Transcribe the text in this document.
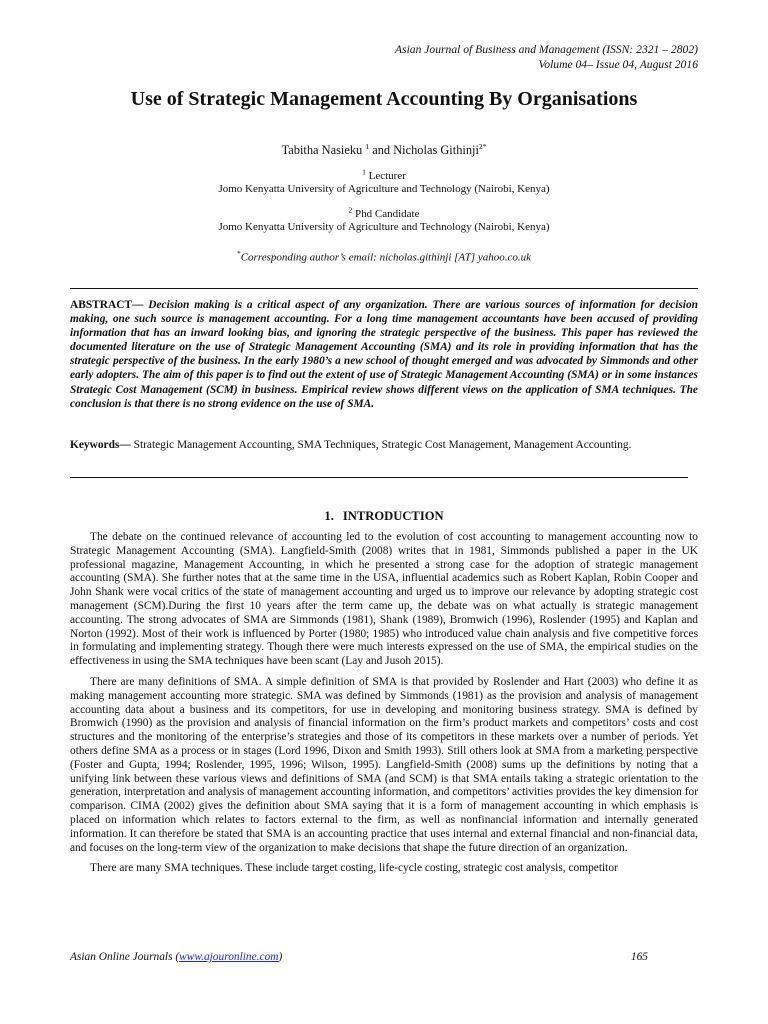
Asian Journal of Business and Management (ISSN: 2321 – 2802)
Volume 04– Issue 04, August 2016
Use of Strategic Management Accounting By Organisations
Tabitha Nasieku $^1$ and Nicholas Githinji$^{2*}$
$^1$ Lecturer
Jomo Kenyatta University of Agriculture and Technology (Nairobi, Kenya)
$^2$ Phd Candidate
Jomo Kenyatta University of Agriculture and Technology (Nairobi, Kenya)
*Corresponding author’s email: nicholas.githinji [AT] yahoo.co.uk
ABSTRACT— Decision making is a critical aspect of any organization. There are various sources of information for decision making, one such source is management accounting. For a long time management accountants have been accused of providing information that has an inward looking bias, and ignoring the strategic perspective of the business. This paper has reviewed the documented literature on the use of Strategic Management Accounting (SMA) and its role in providing information that has the strategic perspective of the business. In the early 1980’s a new school of thought emerged and was advocated by Simmonds and other early adopters. The aim of this paper is to find out the extent of use of Strategic Management Accounting (SMA) or in some instances Strategic Cost Management (SCM) in business. Empirical review shows different views on the application of SMA techniques. The conclusion is that there is no strong evidence on the use of SMA.
Keywords— Strategic Management Accounting, SMA Techniques, Strategic Cost Management, Management Accounting.
1. INTRODUCTION

The debate on the continued relevance of accounting led to the evolution of cost accounting to management accounting now to Strategic Management Accounting (SMA). Langfield-Smith (2008) writes that in 1981, Simmonds published a paper in the UK professional magazine, Management Accounting, in which he presented a strong case for the adoption of strategic management accounting (SMA). She further notes that at the same time in the USA, influential academics such as Robert Kaplan, Robin Cooper and John Shank were vocal critics of the state of management accounting and urged us to improve our relevance by adopting strategic cost management (SCM).During the first 10 years after the term came up, the debate was on what actually is strategic management accounting. The strong advocates of SMA are Simmonds (1981), Shank (1989), Bromwich (1996), Roslender (1995) and Kaplan and Norton (1992). Most of their work is influenced by Porter (1980; 1985) who introduced value chain analysis and five competitive forces in formulating and implementing strategy. Though there were much interests expressed on the use of SMA, the empirical studies on the effectiveness in using the SMA techniques have been scant (Lay and Jusoh 2015).

There are many definitions of SMA. A simple definition of SMA is that provided by Roslender and Hart (2003) who define it as making management accounting more strategic. SMA was defined by Simmonds (1981) as the provision and analysis of management accounting data about a business and its competitors, for use in developing and monitoring business strategy. SMA is defined by Bromwich (1990) as the provision and analysis of financial information on the firm’s product markets and competitors’ costs and cost structures and the monitoring of the enterprise’s strategies and those of its competitors in these markets over a number of periods. Yet others define SMA as a process or in stages (Lord 1996, Dixon and Smith 1993). Still others look at SMA from a marketing perspective (Foster and Gupta, 1994; Roslender, 1995, 1996; Wilson, 1995). Langfield-Smith (2008) sums up the definitions by noting that a unifying link between these various views and definitions of SMA (and SCM) is that SMA entails taking a strategic orientation to the generation, interpretation and analysis of management accounting information, and competitors’ activities provides the key dimension for comparison. CIMA (2002) gives the definition about SMA saying that it is a form of management accounting in which emphasis is placed on information which relates to factors external to the firm, as well as nonfinancial information and internally generated information. It can therefore be stated that SMA is an accounting practice that uses internal and external financial and non-financial data, and focuses on the long-term view of the organization to make decisions that shape the future direction of an organization.

There are many SMA techniques. These include target costing, life-cycle costing, strategic cost analysis, competitor

Asian Online Journals (www.ajouronline.com)	165
